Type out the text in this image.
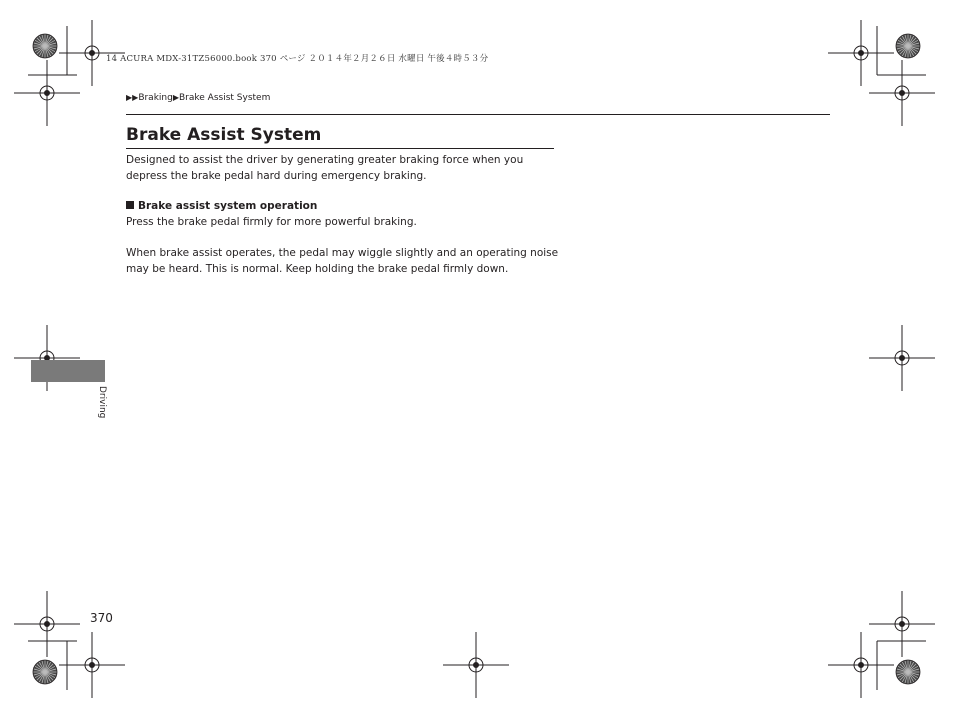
14 ACURA MDX-31TZ56000.book 370 ページ ２０１４年２月２６日 水曜日 午後４時５３分
▶▶Braking▶Brake Assist System
Brake Assist System
Designed to assist the driver by generating greater braking force when you depress the brake pedal hard during emergency braking.
Brake assist system operation
Press the brake pedal firmly for more powerful braking.
When brake assist operates, the pedal may wiggle slightly and an operating noise may be heard. This is normal. Keep holding the brake pedal firmly down.
Driving
370
